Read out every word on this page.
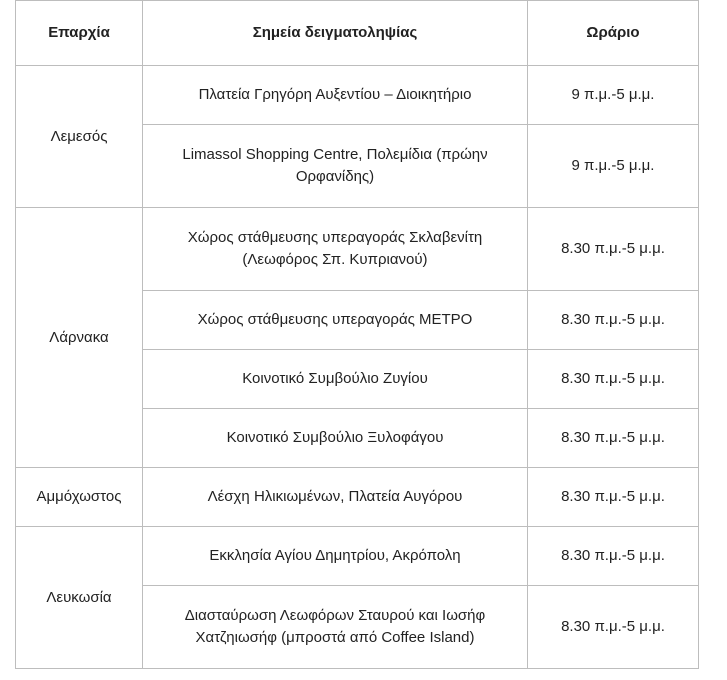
Επαρχία	Σημεία δειγματοληψίας	Ωράριο
Λεμεσός	Πλατεία Γρηγόρη Αυξεντίου – Διοικητήριο	9 π.μ.-5 μ.μ.
	Limassol Shopping Centre, Πολεμίδια (πρώην Ορφανίδης)	9 π.μ.-5 μ.μ.
Λάρνακα	Χώρος στάθμευσης υπεραγοράς Σκλαβενίτη (Λεωφόρος Σπ. Κυπριανού)	8.30 π.μ.-5 μ.μ.
	Χώρος στάθμευσης υπεραγοράς ΜΕΤΡΟ	8.30 π.μ.-5 μ.μ.
	Κοινοτικό Συμβούλιο Ζυγίου	8.30 π.μ.-5 μ.μ.
	Κοινοτικό Συμβούλιο Ξυλοφάγου	8.30 π.μ.-5 μ.μ.
Αμμόχωστος	Λέσχη Ηλικιωμένων, Πλατεία Αυγόρου	8.30 π.μ.-5 μ.μ.
Λευκωσία	Εκκλησία Αγίου Δημητρίου, Ακρόπολη	8.30 π.μ.-5 μ.μ.
	Διασταύρωση Λεωφόρων Σταυρού και Ιωσήφ Χατζηιωσήφ (μπροστά από Coffee Island)	8.30 π.μ.-5 μ.μ.
